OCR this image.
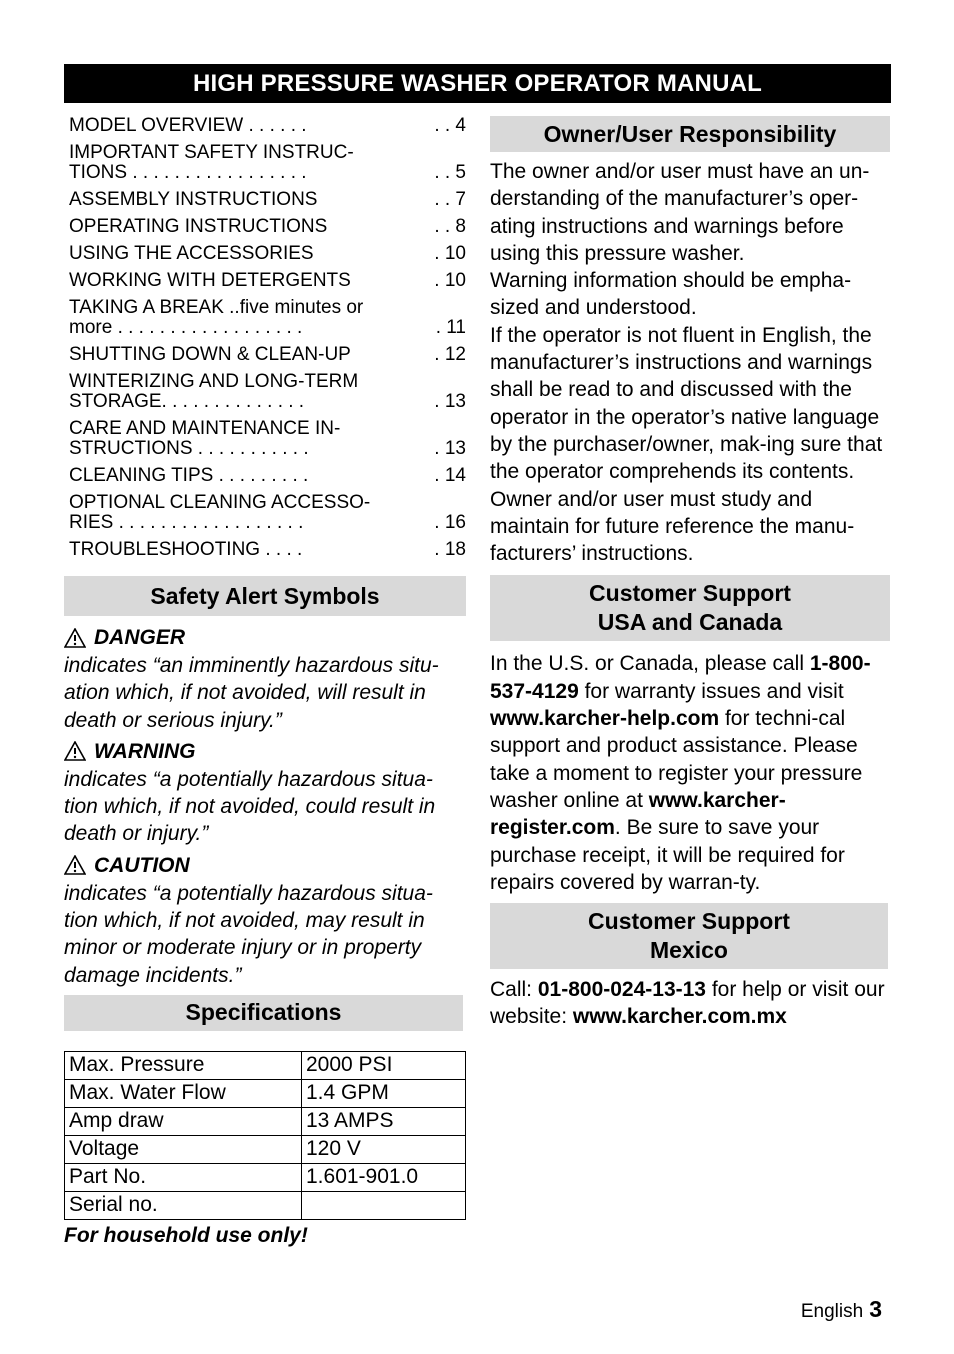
HIGH PRESSURE WASHER OPERATOR MANUAL
MODEL OVERVIEW . . . . . .	. . 4
IMPORTANT SAFETY INSTRUC-
TIONS . . . . . . . . . . . . . . . . .	. . 5
ASSEMBLY INSTRUCTIONS	. . 7
OPERATING INSTRUCTIONS	. . 8
USING THE ACCESSORIES	. 10
WORKING WITH DETERGENTS	. 10
TAKING A BREAK ..five minutes or
more . . . . . . . . . . . . . . . . . .	. 11
SHUTTING DOWN & CLEAN-UP	. 12
WINTERIZING AND LONG-TERM
STORAGE. . . . . . . . . . . . . .	. 13
CARE AND MAINTENANCE IN-
STRUCTIONS . . . . . . . . . . .	. 13
CLEANING TIPS . . . . . . . . .	. 14
OPTIONAL CLEANING ACCESSO-
RIES . . . . . . . . . . . . . . . . . .	. 16
TROUBLESHOOTING . . . .	. 18
Safety Alert Symbols
DANGER
indicates “an imminently hazardous situ-ation which, if not avoided, will result in death or serious injury.”
WARNING
indicates “a potentially hazardous situa-tion which, if not avoided, could result in death or injury.”
CAUTION
indicates “a potentially hazardous situa-tion which, if not avoided, may result in minor or moderate injury or in property damage incidents.”
Specifications
Max. Pressure	2000 PSI
Max. Water Flow	1.4 GPM
Amp draw	13 AMPS
Voltage	120 V
Part No.	1.601-901.0
Serial no.	
For household use only!
Owner/User Responsibility

The owner and/or user must have an un-derstanding of the manufacturer’s oper-ating instructions and warnings before using this pressure washer.

Warning information should be empha-sized and understood.

If the operator is not fluent in English, the manufacturer’s instructions and warnings shall be read to and discussed with the operator in the operator’s native language by the purchaser/owner, mak-ing sure that the operator comprehends its contents.

Owner and/or user must study and maintain for future reference the manu-facturers’ instructions.

Customer Support
USA and Canada
In the U.S. or Canada, please call 1-800-537-4129 for warranty issues and visit www.karcher-help.com for techni-cal support and product assistance. Please take a moment to register your pressure washer online at www.karcher-register.com. Be sure to save your purchase receipt, it will be required for repairs covered by warran-ty.
Customer Support
Mexico
Call: 01-800-024-13-13 for help or visit our website: www.karcher.com.mx
English 3
